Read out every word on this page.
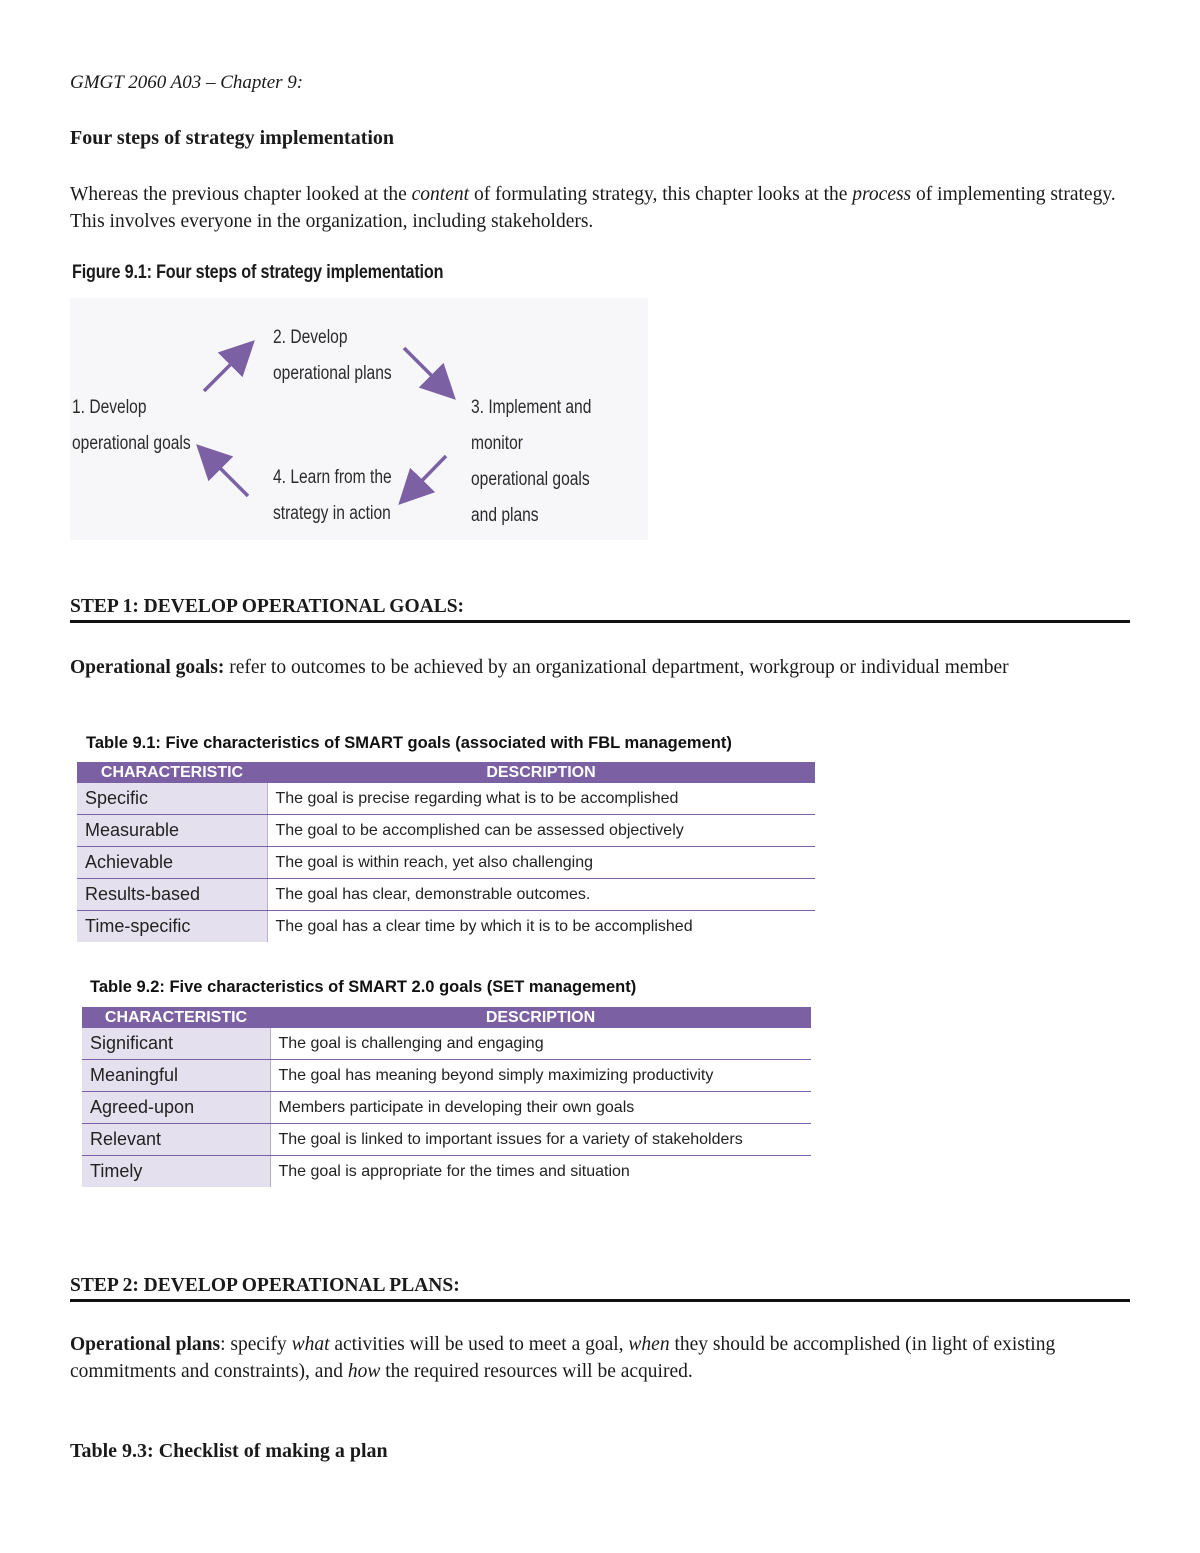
GMGT 2060 A03 – Chapter 9:
Four steps of strategy implementation
Whereas the previous chapter looked at the content of formulating strategy, this chapter looks at the process of implementing strategy. This involves everyone in the organization, including stakeholders.
Figure 9.1: Four steps of strategy implementation
1. Develop
operational goals
2. Develop
operational plans
3. Implement and monitor
operational goals and plans
4. Learn from the
strategy in action
STEP 1: DEVELOP OPERATIONAL GOALS:
Operational goals: refer to outcomes to be achieved by an organizational department, workgroup or individual member
Table 9.1: Five characteristics of SMART goals (associated with FBL management)
CHARACTERISTIC	DESCRIPTION
Specific	The goal is precise regarding what is to be accomplished
Measurable	The goal to be accomplished can be assessed objectively
Achievable	The goal is within reach, yet also challenging
Results-based	The goal has clear, demonstrable outcomes.
Time-specific	The goal has a clear time by which it is to be accomplished
Table 9.2: Five characteristics of SMART 2.0 goals (SET management)
CHARACTERISTIC	DESCRIPTION
Significant	The goal is challenging and engaging
Meaningful	The goal has meaning beyond simply maximizing productivity
Agreed-upon	Members participate in developing their own goals
Relevant	The goal is linked to important issues for a variety of stakeholders
Timely	The goal is appropriate for the times and situation
STEP 2: DEVELOP OPERATIONAL PLANS:
Operational plans: specify what activities will be used to meet a goal, when they should be accomplished (in light of existing commitments and constraints), and how the required resources will be acquired.
Table 9.3: Checklist of making a plan
